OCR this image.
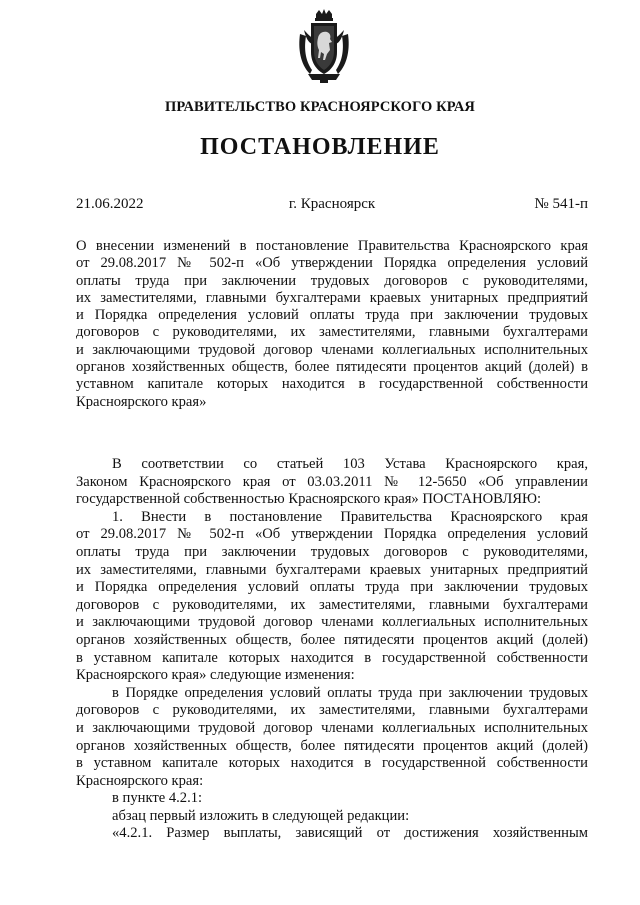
ПРАВИТЕЛЬСТВО КРАСНОЯРСКОГО КРАЯ
ПОСТАНОВЛЕНИЕ
21.06.2022	г. Красноярск	№ 541-п
О внесении изменений в постановление Правительства Красноярского края
от 29.08.2017 № 502-п «Об утверждении Порядка определения условий
оплаты труда при заключении трудовых договоров с руководителями,
их заместителями, главными бухгалтерами краевых унитарных предприятий
и Порядка определения условий оплаты труда при заключении трудовых
договоров с руководителями, их заместителями, главными бухгалтерами
и заключающими трудовой договор членами коллегиальных исполнительных
органов хозяйственных обществ, более пятидесяти процентов акций (долей) в
уставном капитале которых находится в государственной собственности
Красноярского края»
В соответствии со статьей 103 Устава Красноярского края,
Законом Красноярского края от 03.03.2011 № 12-5650 «Об управлении
государственной собственностью Красноярского края» ПОСТАНОВЛЯЮ:
1. Внести в постановление Правительства Красноярского края
от 29.08.2017 № 502-п «Об утверждении Порядка определения условий
оплаты труда при заключении трудовых договоров с руководителями,
их заместителями, главными бухгалтерами краевых унитарных предприятий
и Порядка определения условий оплаты труда при заключении трудовых
договоров с руководителями, их заместителями, главными бухгалтерами
и заключающими трудовой договор членами коллегиальных исполнительных
органов хозяйственных обществ, более пятидесяти процентов акций (долей)
в уставном капитале которых находится в государственной собственности
Красноярского края» следующие изменения:
в Порядке определения условий оплаты труда при заключении трудовых
договоров с руководителями, их заместителями, главными бухгалтерами
и заключающими трудовой договор членами коллегиальных исполнительных
органов хозяйственных обществ, более пятидесяти процентов акций (долей)
в уставном капитале которых находится в государственной собственности
Красноярского края:
в пункте 4.2.1:
абзац первый изложить в следующей редакции:
«4.2.1. Размер выплаты, зависящий от достижения хозяйственным
